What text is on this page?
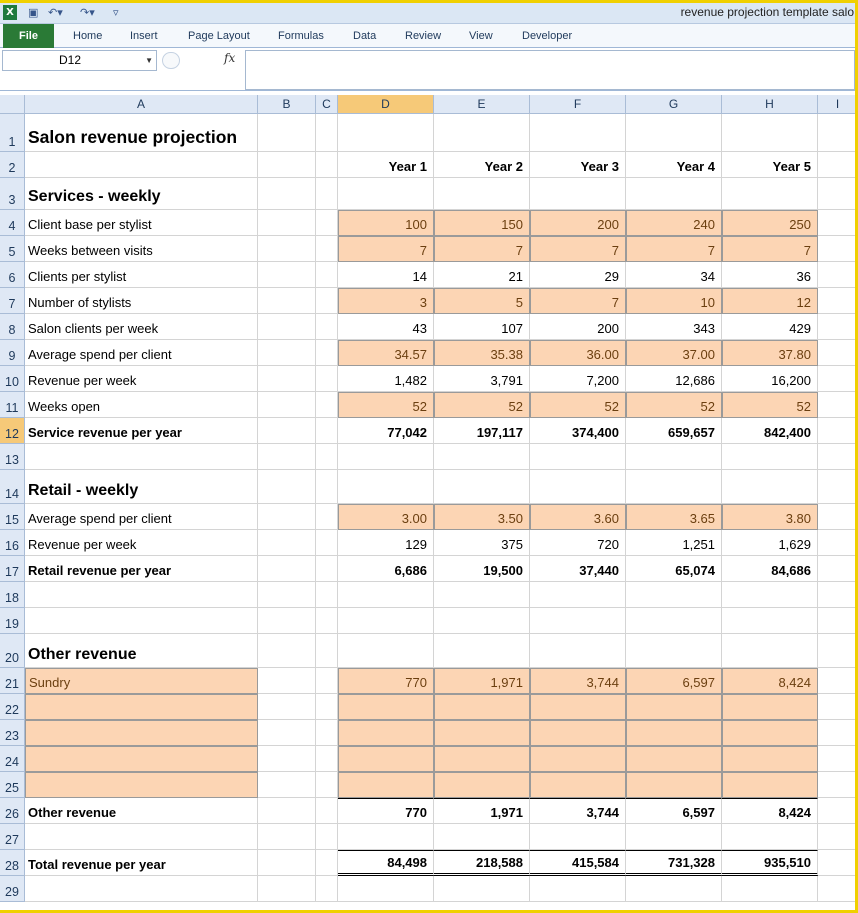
X ▣ ↶▾ ↷▾ ▿	revenue projection template salo
File	Home	Insert	Page Layout	Formulas	Data	Review	View	Developer
D12	▼	fx
A	B	C	D	E	F	G	H	I
1 Salon revenue projection
2	Year 1	Year 2	Year 3	Year 4	Year 5
3 Services - weekly
4 Client base per stylist	100	150	200	240	250
5 Weeks between visits	7	7	7	7	7
6 Clients per stylist	14	21	29	34	36
7 Number of stylists	3	5	7	10	12
8 Salon clients per week	43	107	200	343	429
9 Average spend per client	34.57	35.38	36.00	37.00	37.80
10 Revenue per week	1,482	3,791	7,200	12,686	16,200
11 Weeks open	52	52	52	52	52
12 Service revenue per year	77,042	197,117	374,400	659,657	842,400
13
14 Retail - weekly
15 Average spend per client	3.00	3.50	3.60	3.65	3.80
16 Revenue per week	129	375	720	1,251	1,629
17 Retail revenue per year	6,686	19,500	37,440	65,074	84,686
18
19
20 Other revenue
21 Sundry	770	1,971	3,744	6,597	8,424
22
23
24
25
26 Other revenue	770	1,971	3,744	6,597	8,424
27
28 Total revenue per year	84,498	218,588	415,584	731,328	935,510
29
